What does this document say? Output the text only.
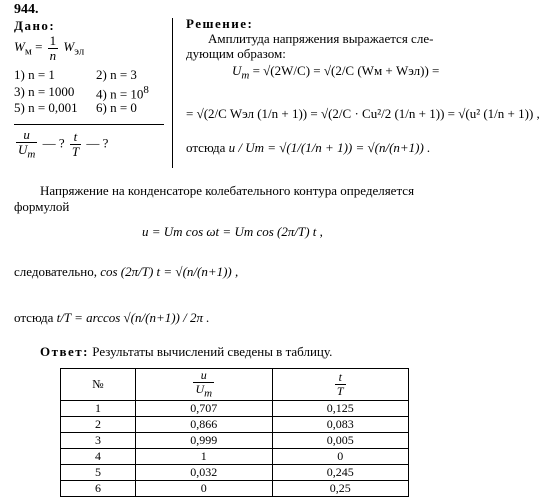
944.
Дано:
$W_м = \frac{1}{n} W_{эл}$
1) n = 1	2) n = 3
3) n = 1000 4) $n = 10^8$
5) n = 0,001 6) n = 0
$\frac{u}{U_m}$ — ? $\frac{t}{T}$ — ?
Решение:
Амплитуда напряжения выражается сле-
дующим образом:
$U_m = √(2W/C) = √(2/C$ (Wм + Wэл)) =
= √(2/C Wэл (1/n + 1)) = √(2/C · Cu²/2 (1/n + 1)) = √(u² (1/n + 1)) ,
отсюда u / Um = √(1/(1/n + 1)) = √(n/(n+1)) .
Напряжение на конденсаторе колебательного контура определяется
формулой
u = Um cos ωt = Um cos (2π/T) t ,
следовательно, cos (2π/T) t = √(n/(n+1)) ,
отсюда t/T = arccos √(n/(n+1)) / 2π .
Ответ: Результаты вычислений сведены в таблицу.
№	$\frac{u}{U_m}$	$\frac{t}{T}$

1	0,707	0,125
2	0,866	0,083
3	0,999	0,005
4	1	0
5	0,032	0,245
6	0	0,25
